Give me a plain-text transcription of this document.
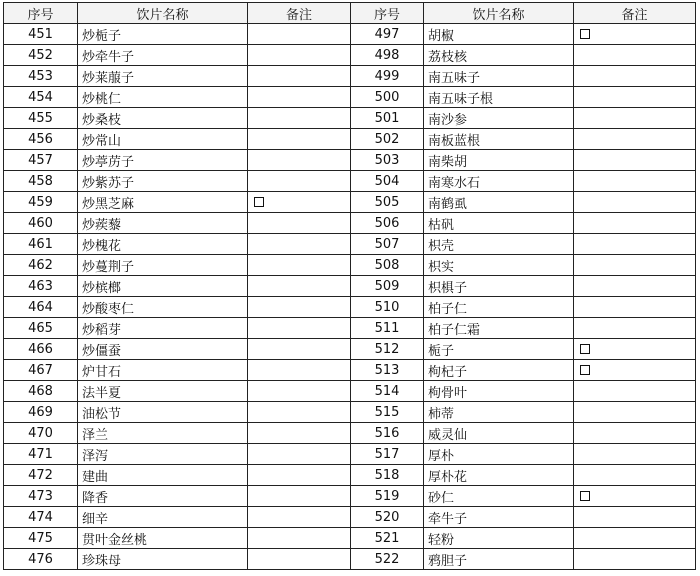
序号	饮片名称	备注	序号	饮片名称	备注
451	炒栀子		497	胡椒	
452	炒牵牛子		498	荔枝核	
453	炒莱菔子		499	南五味子	
454	炒桃仁		500	南五味子根	
455	炒桑枝		501	南沙参	
456	炒常山		502	南板蓝根	
457	炒葶苈子		503	南柴胡	
458	炒紫苏子		504	南寒水石	
459	炒黑芝麻		505	南鹤虱	
460	炒蒺藜		506	枯矾	
461	炒槐花		507	枳壳	
462	炒蔓荆子		508	枳实	
463	炒槟榔		509	枳椇子	
464	炒酸枣仁		510	柏子仁	
465	炒稻芽		511	柏子仁霜	
466	炒僵蚕		512	栀子	
467	炉甘石		513	枸杞子	
468	法半夏		514	枸骨叶	
469	油松节		515	柿蒂	
470	泽兰		516	威灵仙	
471	泽泻		517	厚朴	
472	建曲		518	厚朴花	
473	降香		519	砂仁	
474	细辛		520	牵牛子	
475	贯叶金丝桃		521	轻粉	
476	珍珠母		522	鸦胆子	
